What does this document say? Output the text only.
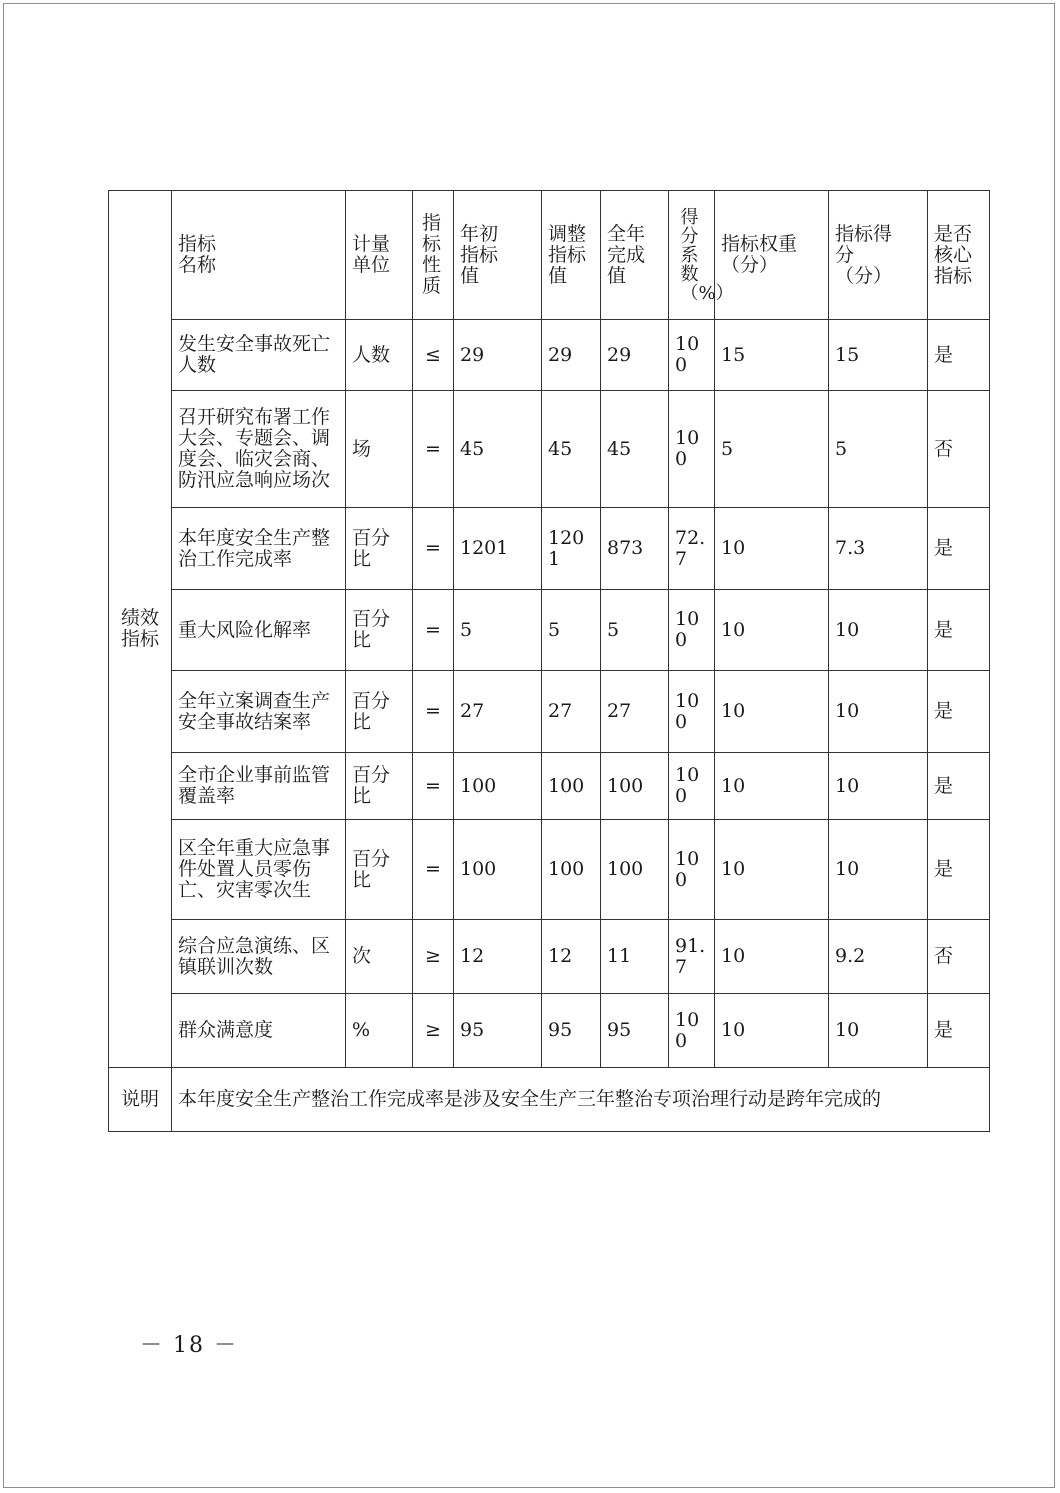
绩效指标	指标名称	计量单位	指标性质	年初指标值	调整指标值	全年完成值	得分系数（%）	指标权重（分）	指标得分（分）	是否核心指标

	发生安全事故死亡人数	人数	≤	29	29	29	100	15	15	是
	召开研究布署工作大会、专题会、调度会、临灾会商、防汛应急响应场次	场	=	45	45	45	100	5	5	否
	本年度安全生产整治工作完成率	百分比	=	1201	1201	873	72.7	10	7.3	是
	重大风险化解率	百分比	=	5	5	5	100	10	10	是
	全年立案调查生产安全事故结案率	百分比	=	27	27	27	100	10	10	是
	全市企业事前监管覆盖率	百分比	=	100	100	100	100	10	10	是
	区全年重大应急事件处置人员零伤亡、灾害零次生	百分比	=	100	100	100	100	10	10	是
	综合应急演练、区镇联训次数	次	≥	12	12	11	91.7	10	9.2	否
	群众满意度	%	≥	95	95	95	100	10	10	是
说明	本年度安全生产整治工作完成率是涉及安全生产三年整治专项治理行动是跨年完成的									
－ 18 －
